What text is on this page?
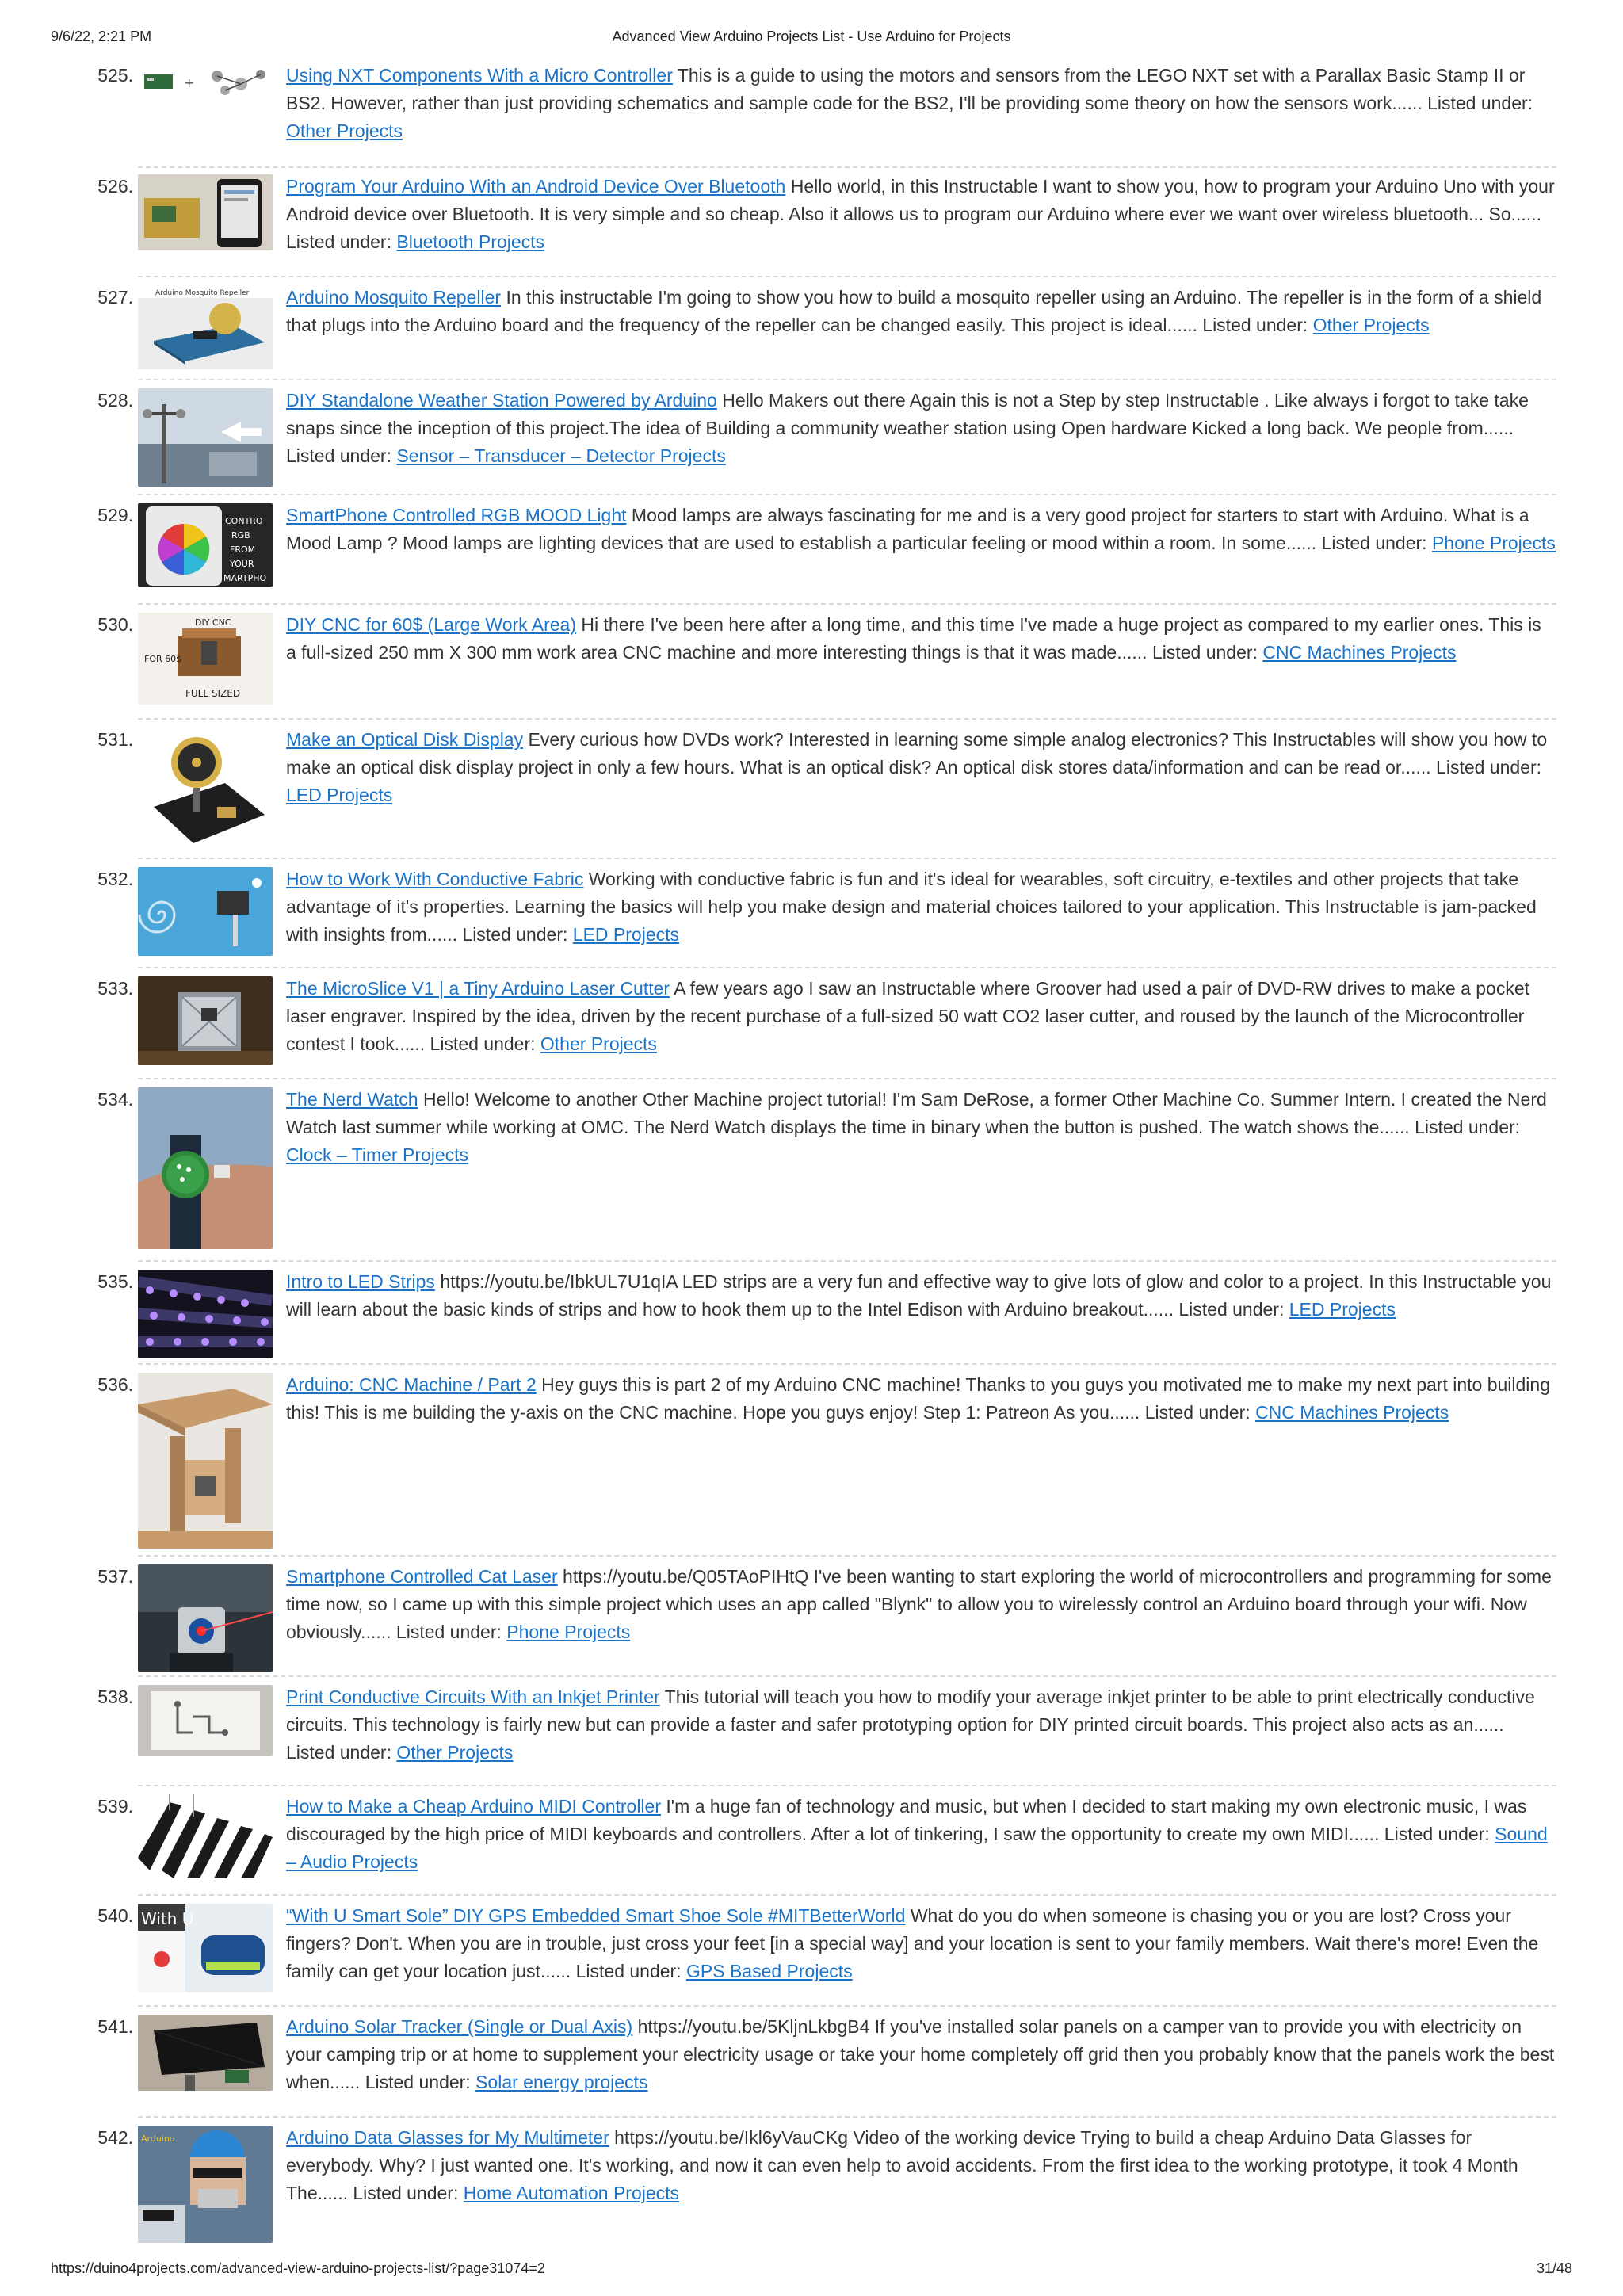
9/6/22, 2:21 PM	Advanced View Arduino Projects List - Use Arduino for Projects
525.	+	Using NXT Components With a Micro Controller This is a guide to using the motors and sensors from the LEGO NXT set with a Parallax Basic Stamp II or BS2. However, rather than just providing schematics and sample code for the BS2, I'll be providing some theory on how the sensors work...... Listed under: Other Projects
526.	Program Your Arduino With an Android Device Over Bluetooth Hello world, in this Instructable I want to show you, how to program your Arduino Uno with your Android device over Bluetooth. It is very simple and so cheap. Also it allows us to program our Arduino where ever we want over wireless bluetooth... So...... Listed under: Bluetooth Projects
527.	Arduino Mosquito Repeller Arduino Mosquito Repeller In this instructable I'm going to show you how to build a mosquito repeller using an Arduino. The repeller is in the form of a shield that plugs into the Arduino board and the frequency of the repeller can be changed easily. This project is ideal...... Listed under: Other Projects
528.	DIY Standalone Weather Station Powered by Arduino Hello Makers out there Again this is not a Step by step Instructable . Like always i forgot to take take snaps since the inception of this project.The idea of Building a community weather station using Open hardware Kicked a long back. We people from...... Listed under: Sensor – Transducer – Detector Projects
529.	CONTRO
RGB
FROM
YOUR
MARTPHO
SmartPhone Controlled RGB MOOD Light Mood lamps are always fascinating for me and is a very good project for starters to start with Arduino. What is a Mood Lamp ? Mood lamps are lighting devices that are used to establish a particular feeling or mood within a room. In some...... Listed under: Phone Projects
530.	DIY CNC
FOR 60$
FULL SIZED
DIY CNC for 60$ (Large Work Area) Hi there I've been here after a long time, and this time I've made a huge project as compared to my earlier ones. This is a full-sized 250 mm X 300 mm work area CNC machine and more interesting things is that it was made...... Listed under: CNC Machines Projects
531.	Make an Optical Disk Display Every curious how DVDs work? Interested in learning some simple analog electronics? This Instructables will show you how to make an optical disk display project in only a few hours. What is an optical disk? An optical disk stores data/information and can be read or...... Listed under: LED Projects
532.	How to Work With Conductive Fabric Working with conductive fabric is fun and it's ideal for wearables, soft circuitry, e-textiles and other projects that take advantage of it's properties. Learning the basics will help you make design and material choices tailored to your application. This Instructable is jam-packed with insights from...... Listed under: LED Projects
533.	The MicroSlice V1 | a Tiny Arduino Laser Cutter A few years ago I saw an Instructable where Groover had used a pair of DVD-RW drives to make a pocket laser engraver. Inspired by the idea, driven by the recent purchase of a full-sized 50 watt CO2 laser cutter, and roused by the launch of the Microcontroller contest I took...... Listed under: Other Projects
534.	The Nerd Watch Hello! Welcome to another Other Machine project tutorial! I'm Sam DeRose, a former Other Machine Co. Summer Intern. I created the Nerd Watch last summer while working at OMC. The Nerd Watch displays the time in binary when the button is pushed. The watch shows the...... Listed under: Clock – Timer Projects
535.	Intro to LED Strips https://youtu.be/IbkUL7U1qIA LED strips are a very fun and effective way to give lots of glow and color to a project. In this Instructable you will learn about the basic kinds of strips and how to hook them up to the Intel Edison with Arduino breakout...... Listed under: LED Projects
536.	Arduino: CNC Machine / Part 2 Hey guys this is part 2 of my Arduino CNC machine! Thanks to you guys you motivated me to make my next part into building this! This is me building the y-axis on the CNC machine. Hope you guys enjoy! Step 1: Patreon As you...... Listed under: CNC Machines Projects
537.	Smartphone Controlled Cat Laser https://youtu.be/Q05TAoPIHtQ I've been wanting to start exploring the world of microcontrollers and programming for some time now, so I came up with this simple project which uses an app called "Blynk" to allow you to wirelessly control an Arduino board through your wifi. Now obviously...... Listed under: Phone Projects
538.	Print Conductive Circuits With an Inkjet Printer This tutorial will teach you how to modify your average inkjet printer to be able to print electrically conductive circuits. This technology is fairly new but can provide a faster and safer prototyping option for DIY printed circuit boards. This project also acts as an...... Listed under: Other Projects
539.	How to Make a Cheap Arduino MIDI Controller I'm a huge fan of technology and music, but when I decided to start making my own electronic music, I was discouraged by the high price of MIDI keyboards and controllers. After a lot of tinkering, I saw the opportunity to create my own MIDI...... Listed under: Sound – Audio Projects
540. With U	“With U Smart Sole” DIY GPS Embedded Smart Shoe Sole #MITBetterWorld What do you do when someone is chasing you or you are lost? Cross your fingers? Don't. When you are in trouble, just cross your feet [in a special way] and your location is sent to your family members. Wait there's more! Even the family can get your location just...... Listed under: GPS Based Projects
541.	Arduino Solar Tracker (Single or Dual Axis) https://youtu.be/5KljnLkbgB4 If you've installed solar panels on a camper van to provide you with electricity on your camping trip or at home to supplement your electricity usage or take your home completely off grid then you probably know that the panels work the best when...... Listed under: Solar energy projects
542. Arduino	Arduino Data Glasses for My Multimeter https://youtu.be/Ikl6yVauCKg Video of the working device Trying to build a cheap Arduino Data Glasses for everybody. Why? I just wanted one. It's working, and now it can even help to avoid accidents. From the first idea to the working prototype, it took 4 Month The...... Listed under: Home Automation Projects
https://duino4projects.com/advanced-view-arduino-projects-list/?page31074=2	31/48
